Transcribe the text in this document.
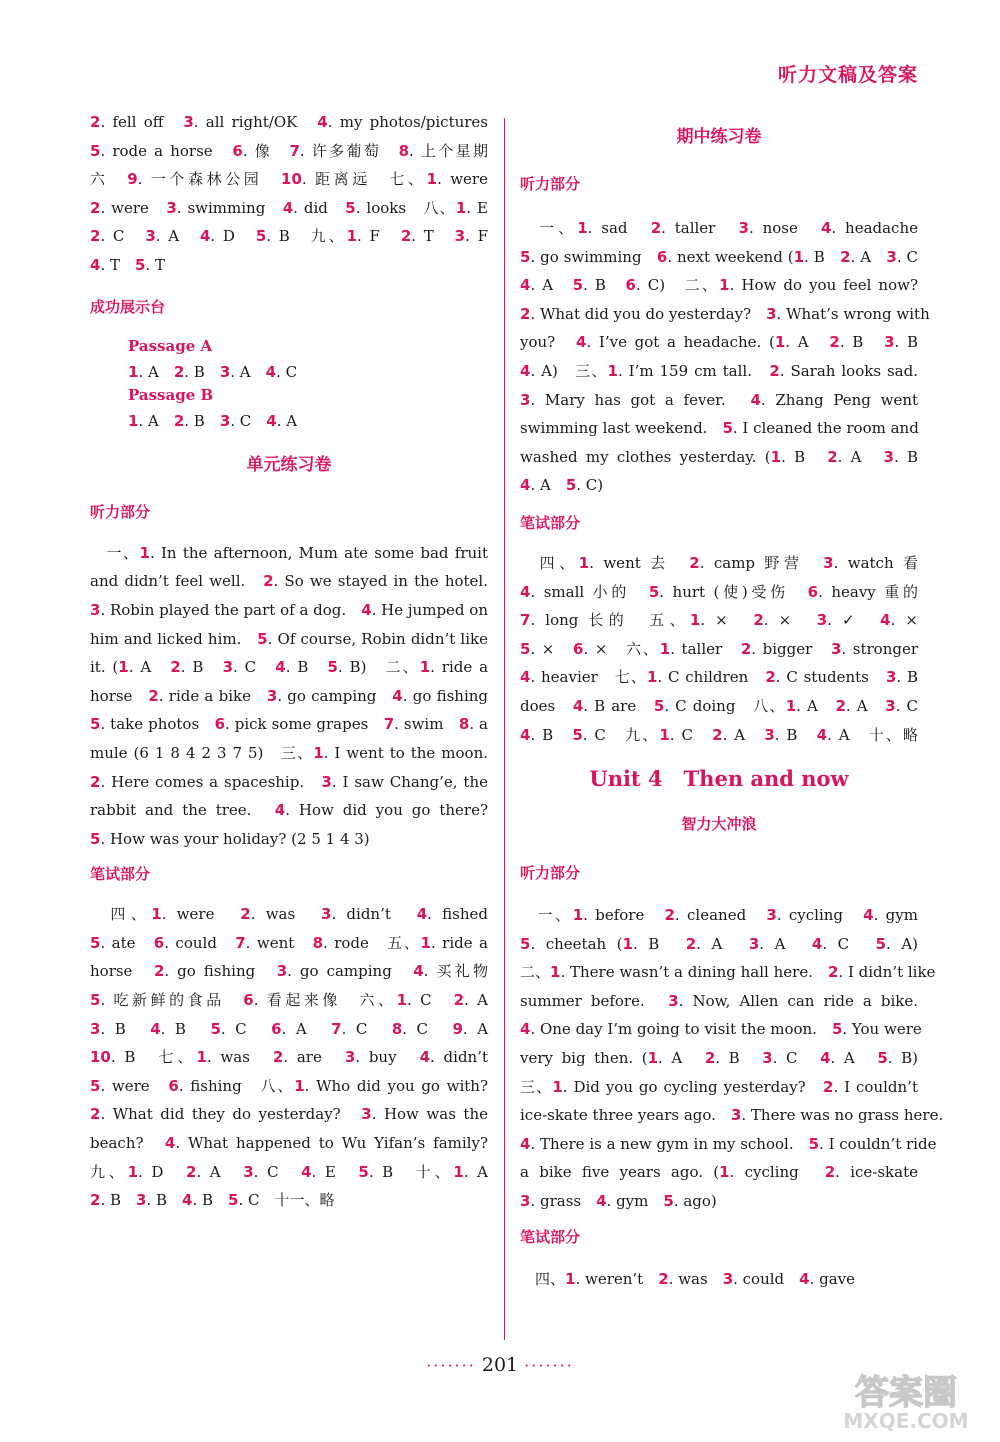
听力文稿及答案
2. fell off　3. all right/OK　4. my photos/pictures
5. rode a horse　6. 像　7. 许多葡萄　8. 上个星期
六　9. 一个森林公园　10. 距离远　七、1. were
2. were　3. swimming　4. did　5. looks　八、1. E
2. C　3. A　4. D　5. B　九、1. F　2. T　3. F
4. T　5. T
成功展示台
Passage A
1. A　2. B　3. A　4. C
Passage B
1. A　2. B　3. C　4. A
单元练习卷
听力部分
　一、1. In the afternoon, Mum ate some bad fruit
and didn’t feel well.　2. So we stayed in the hotel.
3. Robin played the part of a dog.　4. He jumped on
him and licked him.　5. Of course, Robin didn’t like
it. (1. A　2. B　3. C　4. B　5. B)　二、1. ride a
horse　2. ride a bike　3. go camping　4. go fishing
5. take photos　6. pick some grapes　7. swim　8. a
mule (6 1 8 4 2 3 7 5)　三、1. I went to the moon.
2. Here comes a spaceship.　3. I saw Chang’e, the
rabbit and the tree.　4. How did you go there?
5. How was your holiday? (2 5 1 4 3)
笔试部分
　四、1. were　2. was　3. didn’t　4. fished
5. ate　6. could　7. went　8. rode　五、1. ride a
horse　2. go fishing　3. go camping　4. 买礼物
5. 吃新鲜的食品　6. 看起来像　六、1. C　2. A
3. B　4. B　5. C　6. A　7. C　8. C　9. A
10. B　七、1. was　2. are　3. buy　4. didn’t
5. were　6. fishing　八、1. Who did you go with?
2. What did they do yesterday?　3. How was the
beach?　4. What happened to Wu Yifan’s family?
九、1. D　2. A　3. C　4. E　5. B　十、1. A
2. B　3. B　4. B　5. C　十一、略
期中练习卷
听力部分
　一、1. sad　2. taller　3. nose　4. headache
5. go swimming　6. next weekend (1. B　2. A　3. C
4. A　5. B　6. C)　二、1. How do you feel now?
2. What did you do yesterday?　3. What’s wrong with
you?　4. I’ve got a headache. (1. A　2. B　3. B
4. A)　三、1. I’m 159 cm tall.　2. Sarah looks sad.
3. Mary has got a fever.　4. Zhang Peng went
swimming last weekend.　5. I cleaned the room and
washed my clothes yesterday. (1. B　2. A　3. B
4. A　5. C)
笔试部分
　四、1. went 去　2. camp 野营　3. watch 看
4. small 小的　5. hurt (使)受伤　6. heavy 重的
7. long 长的　五、1. ×　2. ×　3. ✓　4. ×
5. ×　6. ×　六、1. taller　2. bigger　3. stronger
4. heavier　七、1. C children　2. C students　3. B
does　4. B are　5. C doing　八、1. A　2. A　3. C
4. B　5. C　九、1. C　2. A　3. B　4. A　十、略
Unit 4　Then and now
智力大冲浪
听力部分
　一、1. before　2. cleaned　3. cycling　4. gym
5. cheetah (1. B　2. A　3. A　4. C　5. A)
二、1. There wasn’t a dining hall here.　2. I didn’t like
summer before.　3. Now, Allen can ride a bike.
4. One day I’m going to visit the moon.　5. You were
very big then. (1. A　2. B　3. C　4. A　5. B)
三、1. Did you go cycling yesterday?　2. I couldn’t
ice-skate three years ago.　3. There was no grass here.
4. There is a new gym in my school.　5. I couldn’t ride
a bike five years ago. (1. cycling　2. ice-skate
3. grass　4. gym　5. ago)
笔试部分
　四、1. weren’t　2. was　3. could　4. gave
······· 201 ·······
答案圈
MXQE.COM
